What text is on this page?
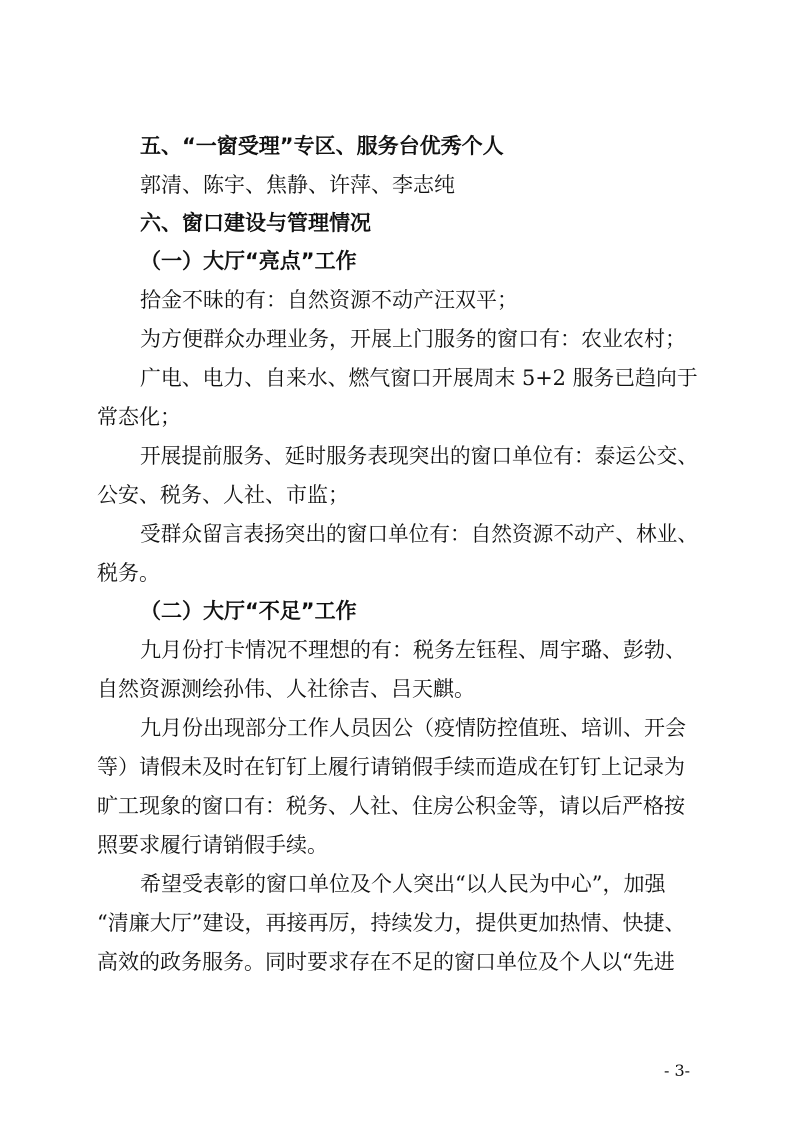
五、“一窗受理”专区、服务台优秀个人
郭清、陈宇、焦静、许萍、李志纯
六、窗口建设与管理情况
（一）大厅“亮点”工作
拾金不昧的有：自然资源不动产汪双平；
为方便群众办理业务，开展上门服务的窗口有：农业农村；
广电、电力、自来水、燃气窗口开展周末 5+2 服务已趋向于
常态化；
开展提前服务、延时服务表现突出的窗口单位有：泰运公交、
公安、税务、人社、市监；
受群众留言表扬突出的窗口单位有：自然资源不动产、林业、
税务。
（二）大厅“不足”工作
九月份打卡情况不理想的有：税务左钰程、周宇璐、彭勃、
自然资源测绘孙伟、人社徐吉、吕天麒。
九月份出现部分工作人员因公（疫情防控值班、培训、开会
等）请假未及时在钉钉上履行请销假手续而造成在钉钉上记录为
旷工现象的窗口有：税务、人社、住房公积金等，请以后严格按
照要求履行请销假手续。
希望受表彰的窗口单位及个人突出“以人民为中心”，加强
“清廉大厅”建设，再接再厉，持续发力，提供更加热情、快捷、
高效的政务服务。同时要求存在不足的窗口单位及个人以“先进
- 3-
